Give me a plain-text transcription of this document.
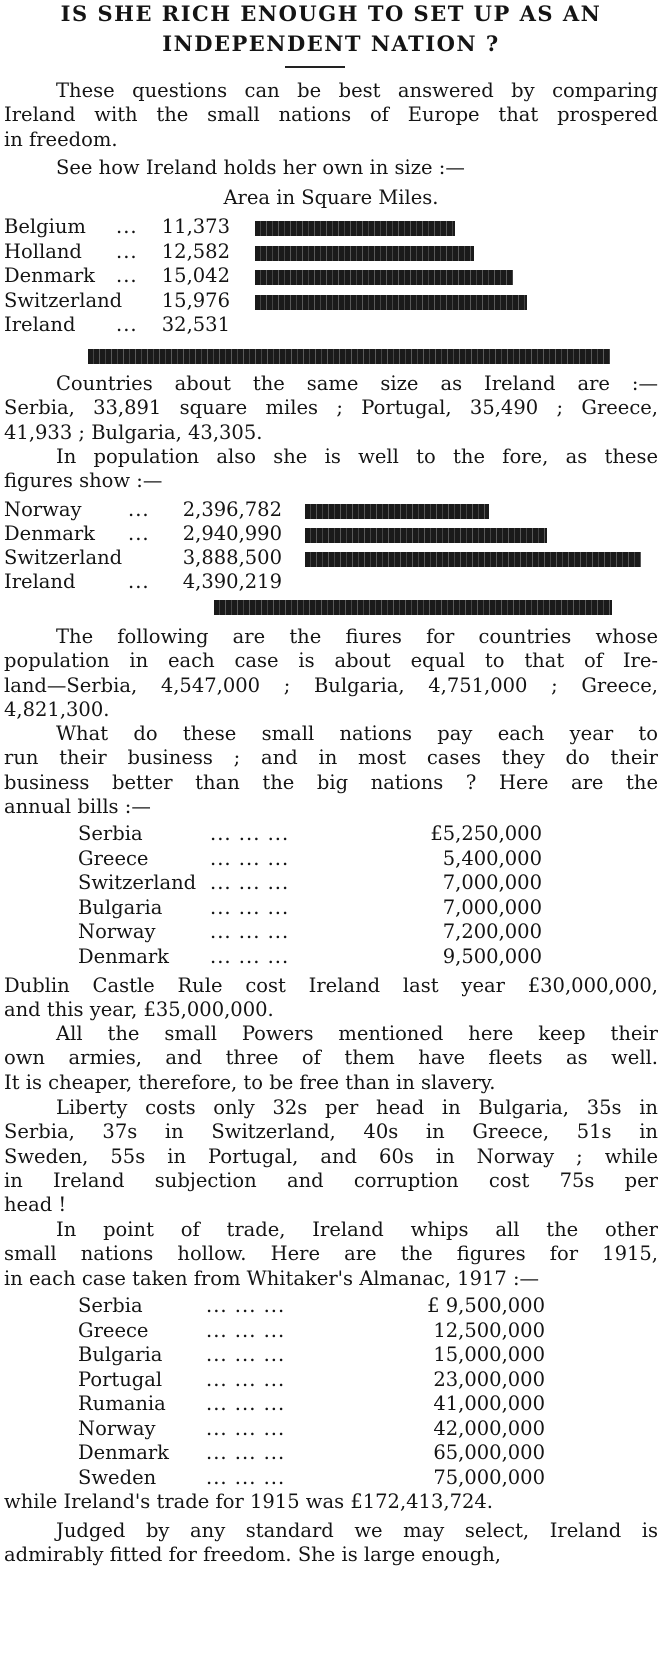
IS SHE RICH ENOUGH TO SET UP AS AN
INDEPENDENT NATION ?
These questions can be best answered by comparing
Ireland with the small nations of Europe that prospered
in freedom.
See how Ireland holds her own in size :—
Area in Square Miles.
Belgium ...	11,373
Holland ...	12,582
Denmark ...	15,042
Switzerland	15,976
Ireland ...	32,531
Countries about the same size as Ireland are :—
Serbia, 33,891 square miles ; Portugal, 35,490 ; Greece,
41,933 ; Bulgaria, 43,305.
In population also she is well to the fore, as these
figures show :—
Norway ...	2,396,782
Denmark ...	2,940,990
Switzerland	3,888,500
Ireland	...	4,390,219
The following are the fiures for countries whose
population in each case is about equal to that of Ire-
land—Serbia, 4,547,000 ; Bulgaria, 4,751,000 ; Greece,
4,821,300.
What do these small nations pay each year to
run their business ; and in most cases they do their
business better than the big nations ? Here are the
annual bills :—
Serbia	... ... ...	£5,250,000
Greece	... ... ...	5,400,000
Switzerland ... ... ...	7,000,000
Bulgaria ... ... ...	7,000,000
Norway	... ... ...	7,200,000
Denmark ... ... ...	9,500,000
Dublin Castle Rule cost Ireland last year £30,000,000,
and this year, £35,000,000.
All the small Powers mentioned here keep their
own armies, and three of them have fleets as well.
It is cheaper, therefore, to be free than in slavery.
Liberty costs only 32s per head in Bulgaria, 35s in
Serbia, 37s in Switzerland, 40s in Greece, 51s in
Sweden, 55s in Portugal, and 60s in Norway ; while
in Ireland subjection and corruption cost 75s per
head !
In point of trade, Ireland whips all the other
small nations hollow. Here are the figures for 1915,
in each case taken from Whitaker's Almanac, 1917 :—
Serbia	... ... ...	£ 9,500,000
Greece	... ... ...	12,500,000
Bulgaria ... ... ...	15,000,000
Portugal ... ... ...	23,000,000
Rumania ... ... ...	41,000,000
Norway	... ... ...	42,000,000
Denmark ... ... ...	65,000,000
Sweden	... ... ...	75,000,000
while Ireland's trade for 1915 was £172,413,724.
Judged by any standard we may select, Ireland is
admirably fitted for freedom. She is large enough,
